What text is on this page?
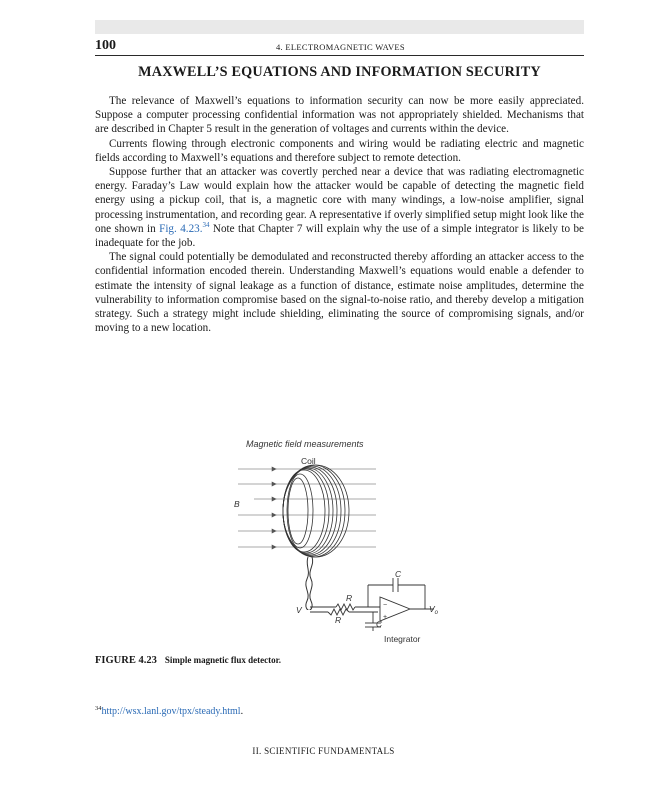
100	4. ELECTROMAGNETIC WAVES
MAXWELL’S EQUATIONS AND INFORMATION SECURITY

The relevance of Maxwell’s equations to information security can now be more easily appreciated. Suppose a computer processing confidential information was not appropriately shielded. Mechanisms that are described in Chapter 5 result in the generation of voltages and currents within the device.

Currents flowing through electronic components and wiring would be radiating electric and magnetic fields according to Maxwell’s equations and therefore subject to remote detection.

Suppose further that an attacker was covertly perched near a device that was radiating electromagnetic energy. Faraday’s Law would explain how the attacker would be capable of detecting the magnetic field energy using a pickup coil, that is, a magnetic core with many windings, a low-noise amplifier, signal processing instrumentation, and recording gear. A representative if overly simplified setup might look like the one shown in Fig. 4.23.34 Note that Chapter 7 will explain why the use of a simple integrator is likely to be inadequate for the job.

The signal could potentially be demodulated and reconstructed thereby affording an attacker access to the confidential information encoded therein. Understanding Maxwell’s equations would enable a defender to estimate the intensity of signal leakage as a function of distance, estimate noise amplitudes, determine the vulnerability to information compromise based on the signal-to-noise ratio, and thereby develop a mitigation strategy. Such a strategy might include shielding, eliminating the source of compromising signals, and/or moving to a new location.

Magnetic field measurements
Coil
B
V	−
+
C
R
R	C
$V_o$
Integrator
FIGURE 4.23 Simple magnetic flux detector.
$^{34}$http://wsx.lanl.gov/tpx/steady.html.
II. SCIENTIFIC FUNDAMENTALS
